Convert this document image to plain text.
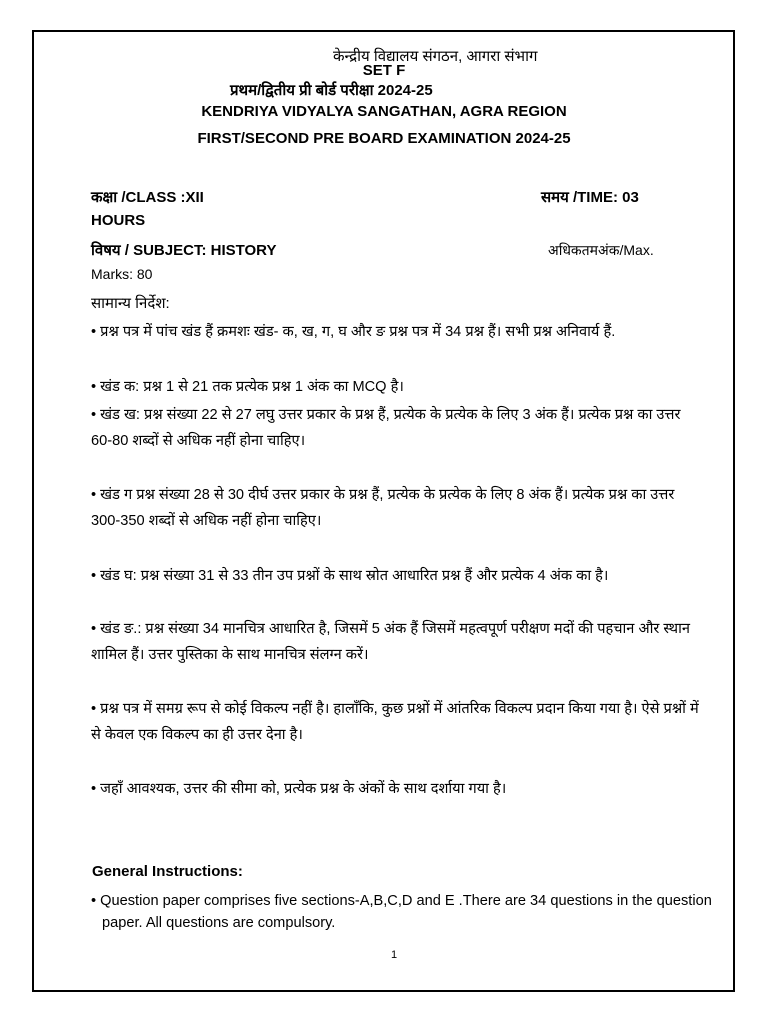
केन्द्रीय विद्यालय संगठन, आगरा संभाग
SET F
प्रथम/द्वितीय प्री बोर्ड परीक्षा 2024-25
KENDRIYA VIDYALYA SANGATHAN, AGRA REGION
FIRST/SECOND PRE BOARD EXAMINATION 2024-25
कक्षा /CLASS :XII	समय /TIME: 03
HOURS
विषय / SUBJECT: HISTORY	अधिकतमअंक/Max.
Marks: 80
सामान्य निर्देश:
• प्रश्न पत्र में पांच खंड हैं क्रमशः खंड- क, ख, ग, घ और ङ प्रश्न पत्र में 34 प्रश्न हैं। सभी प्रश्न अनिवार्य हैं.
• खंड क: प्रश्न 1 से 21 तक प्रत्येक प्रश्न 1 अंक का MCQ है।
• खंड ख: प्रश्न संख्या 22 से 27 लघु उत्तर प्रकार के प्रश्न हैं, प्रत्येक के प्रत्येक के लिए 3 अंक हैं। प्रत्येक प्रश्न का उत्तर 60-80 शब्दों से अधिक नहीं होना चाहिए।
• खंड ग प्रश्न संख्या 28 से 30 दीर्घ उत्तर प्रकार के प्रश्न हैं, प्रत्येक के प्रत्येक के लिए 8 अंक हैं। प्रत्येक प्रश्न का उत्तर 300-350 शब्दों से अधिक नहीं होना चाहिए।
• खंड घ: प्रश्न संख्या 31 से 33 तीन उप प्रश्नों के साथ स्रोत आधारित प्रश्न हैं और प्रत्येक 4 अंक का है।
• खंड ङ.: प्रश्न संख्या 34 मानचित्र आधारित है, जिसमें 5 अंक हैं जिसमें महत्वपूर्ण परीक्षण मदों की पहचान और स्थान शामिल हैं। उत्तर पुस्तिका के साथ मानचित्र संलग्न करें।
• प्रश्न पत्र में समग्र रूप से कोई विकल्प नहीं है। हालाँकि, कुछ प्रश्नों में आंतरिक विकल्प प्रदान किया गया है। ऐसे प्रश्नों में से केवल एक विकल्प का ही उत्तर देना है।
• जहाँ आवश्यक, उत्तर की सीमा को, प्रत्येक प्रश्न के अंकों के साथ दर्शाया गया है।
General Instructions:
• Question paper comprises five sections-A,B,C,D and E .There are 34 questions in the question paper. All questions are compulsory.
1
